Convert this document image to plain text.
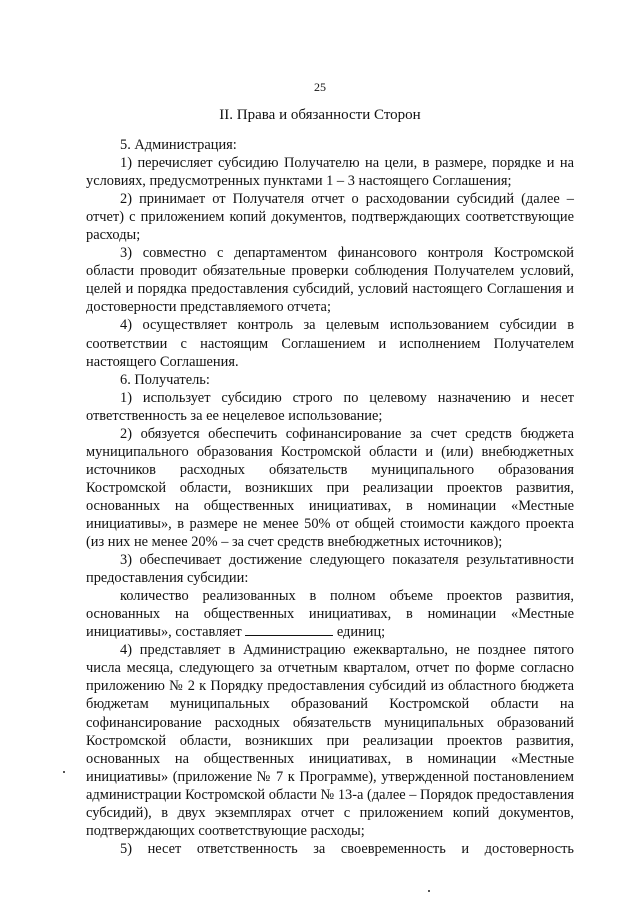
25
II. Права и обязанности Сторон

5. Администрация:

1) перечисляет субсидию Получателю на цели, в размере, порядке и на условиях, предусмотренных пунктами 1 – 3 настоящего Соглашения;

2) принимает от Получателя отчет о расходовании субсидий (далее – отчет) с приложением копий документов, подтверждающих соответствующие расходы;

3) совместно с департаментом финансового контроля Костромской области проводит обязательные проверки соблюдения Получателем условий, целей и порядка предоставления субсидий, условий настоящего Соглашения и достоверности представляемого отчета;

4) осуществляет контроль за целевым использованием субсидии в соответствии с настоящим Соглашением и исполнением Получателем настоящего Соглашения.

6. Получатель:

1) использует субсидию строго по целевому назначению и несет ответственность за ее нецелевое использование;

2) обязуется обеспечить софинансирование за счет средств бюджета муниципального образования Костромской области и (или) внебюджетных источников расходных обязательств муниципального образования Костромской области, возникших при реализации проектов развития, основанных на общественных инициативах, в номинации «Местные инициативы», в размере не менее 50% от общей стоимости каждого проекта (из них не менее 20% – за счет средств внебюджетных источников);

3) обеспечивает достижение следующего показателя результативности предоставления субсидии:

количество реализованных в полном объеме проектов развития, основанных на общественных инициативах, в номинации «Местные инициативы», составляет	единиц;

4) представляет в Администрацию ежеквартально, не позднее пятого числа месяца, следующего за отчетным кварталом, отчет по форме согласно приложению № 2 к Порядку предоставления субсидий из областного бюджета бюджетам муниципальных образований Костромской области на софинансирование расходных обязательств муниципальных образований Костромской области, возникших при реализации проектов развития, основанных на общественных инициативах, в номинации «Местные инициативы» (приложение № 7 к Программе), утвержденной постановлением администрации Костромской области № 13-а (далее – Порядок предоставления субсидий), в двух экземплярах отчет с приложением копий документов, подтверждающих соответствующие расходы;

5) несет ответственность за своевременность и достоверность
